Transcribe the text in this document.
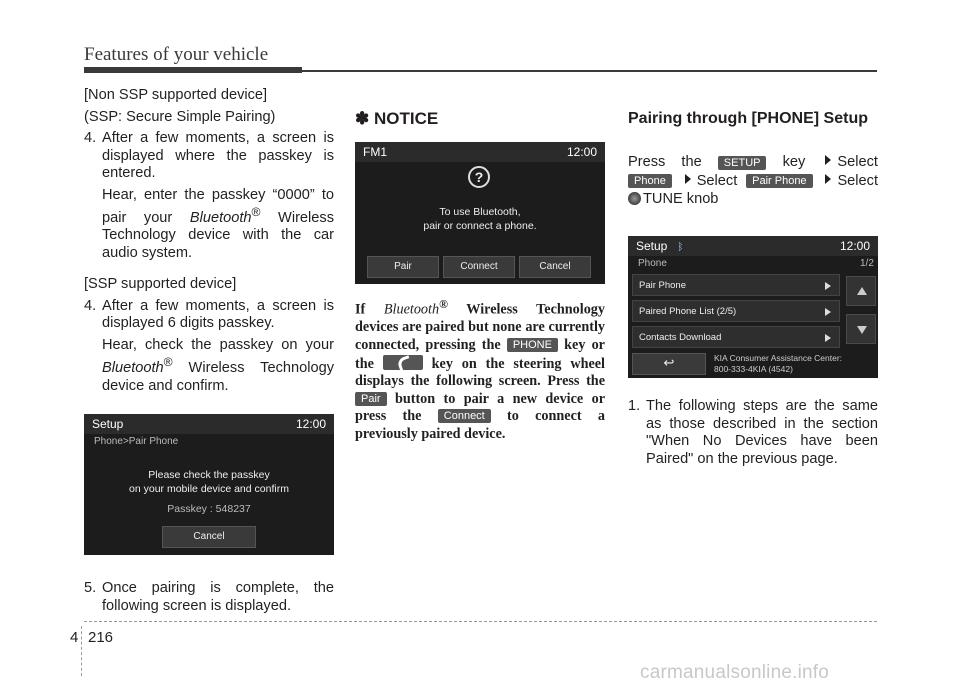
Features of your vehicle
[Non SSP supported device]
(SSP: Secure Simple Pairing)
4. After a few moments, a screen is displayed where the passkey is entered.
Hear, enter the passkey “0000” to pair your Bluetooth® Wireless Technology device with the car audio system.
[SSP supported device]
4. After a few moments, a screen is displayed 6 digits passkey.
Hear, check the passkey on your Bluetooth® Wireless Technology device and confirm.
5. Once pairing is complete, the following screen is displayed.
Setup	12:00
Phone>Pair Phone
Please check the passkey
on your mobile device and confirm
Passkey : 548237
Cancel
✽ NOTICE
FM1	12:00
?
To use Bluetooth,
pair or connect a phone.
Pair	Connect	Cancel
If Bluetooth® Wireless Technology devices are paired but none are currently connected, pressing the PHONE key or the	key on the steering wheel displays the following screen. Press the Pair button to pair a new device or press the Connect to connect a previously paired device.
Pairing through [PHONE] Setup
Press the	SETUP	key	Select
Phone	Select	Pair Phone	Select
TUNE knob
Setup ᛒ	12:00
Phone	1/2
Pair Phone
Paired Phone List (2/5)
Contacts Download
↩	KIA Consumer Assistance Center:
800-333-4KIA (4542)
1. The following steps are the same as those described in the section "When No Devices have been Paired" on the previous page.
4 216
carmanualsonline.info
